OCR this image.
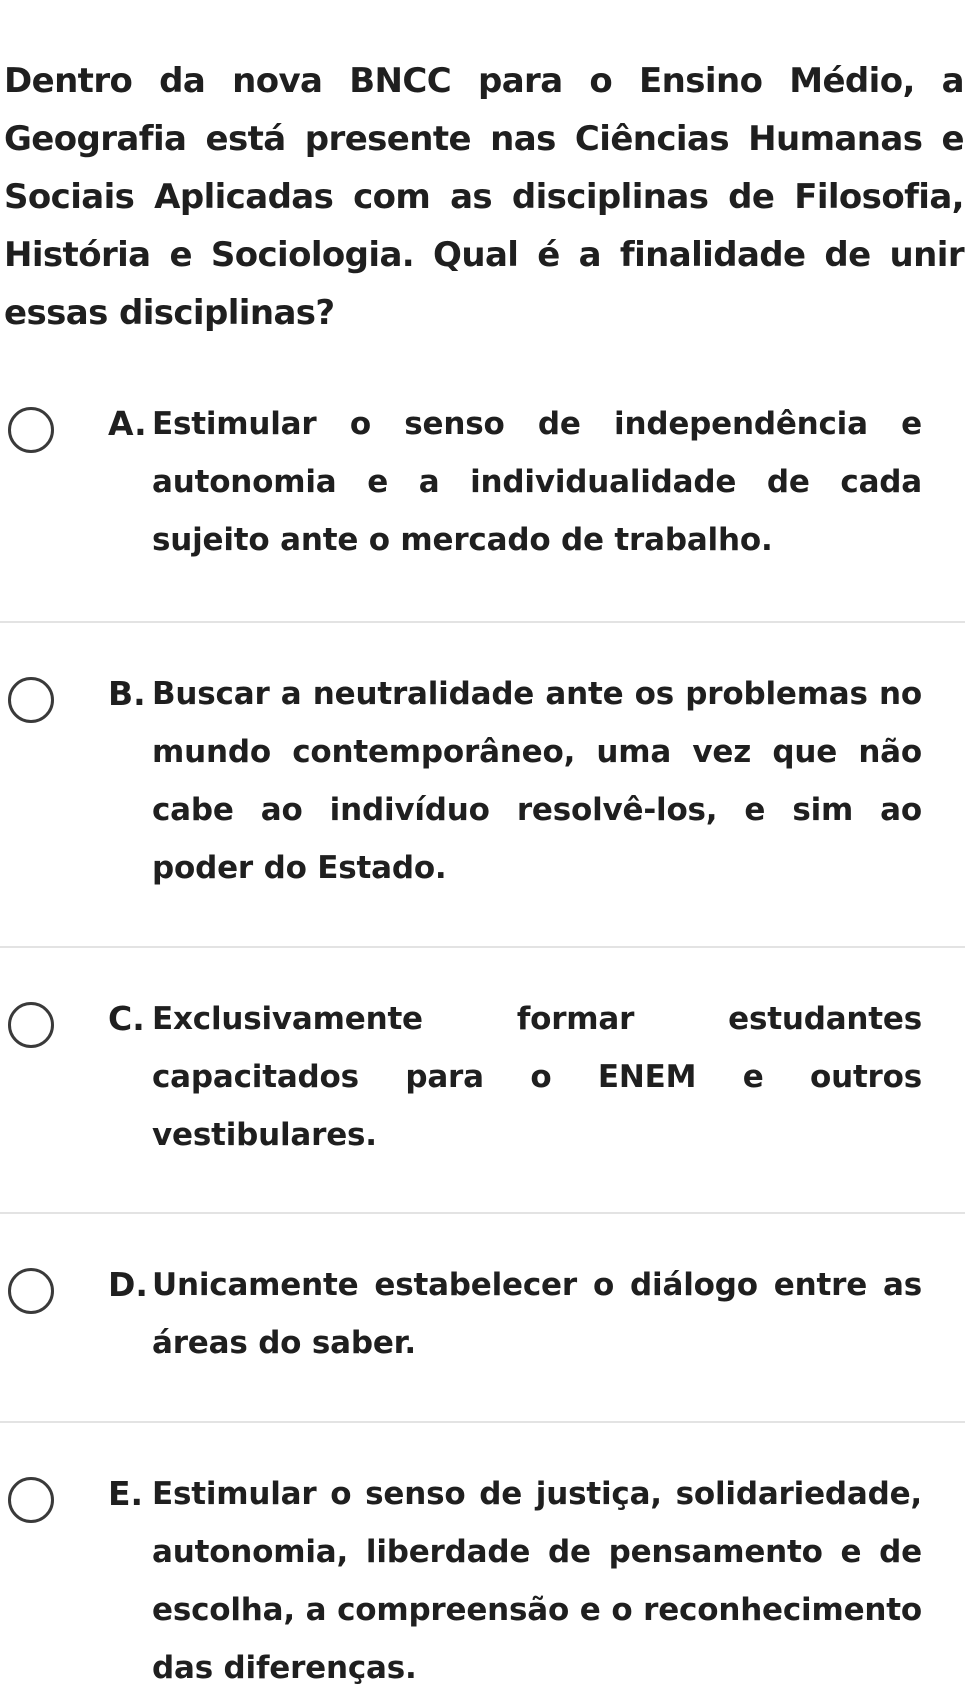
Dentro da nova BNCC para o Ensino Médio, a Geografia está presente nas Ciências Humanas e Sociais Aplicadas com as disciplinas de Filosofia, História e Sociologia. Qual é a finalidade de unir essas disciplinas?

A. Estimular o senso de independência e autonomia e a individualidade de cada sujeito ante o mercado de trabalho.

B. Buscar a neutralidade ante os problemas no mundo contemporâneo, uma vez que não cabe ao indivíduo resolvê-los, e sim ao poder do Estado.

C. Exclusivamente formar estudantes capacitados para o ENEM e outros vestibulares.

D. Unicamente estabelecer o diálogo entre as áreas do saber.

E. Estimular o senso de justiça, solidariedade, autonomia, liberdade de pensamento e de escolha, a compreensão e o reconhecimento das diferenças.
